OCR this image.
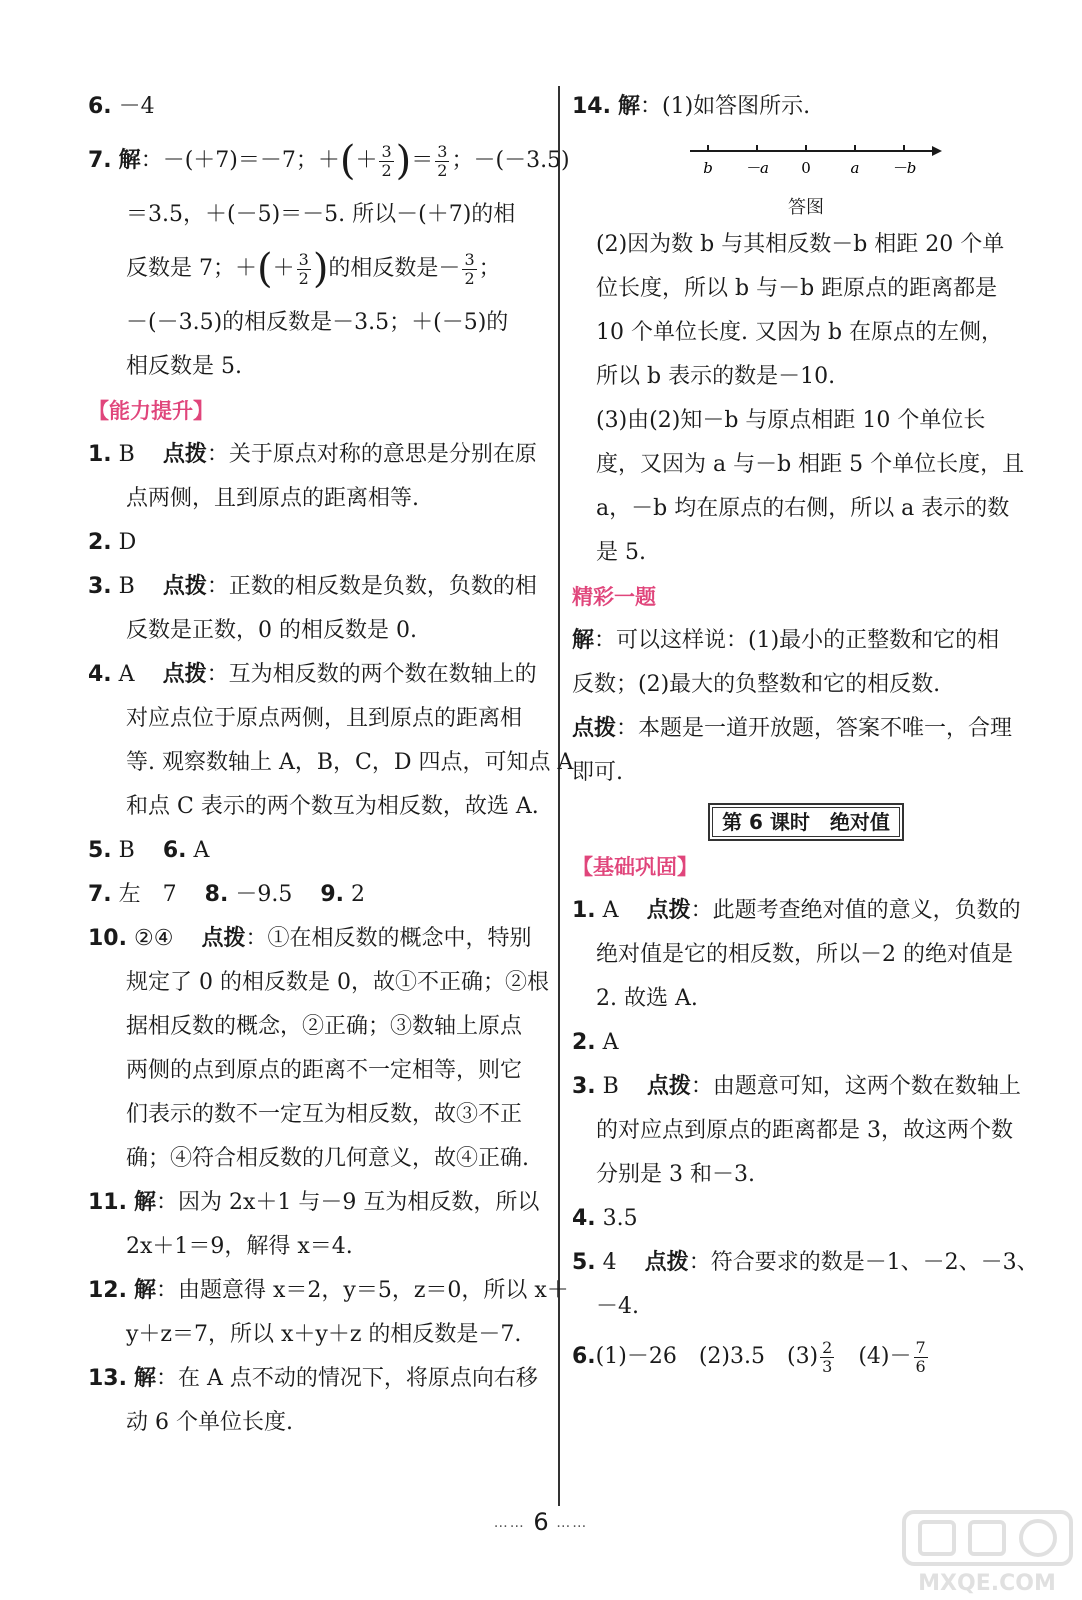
6. －4
7. 解：－(＋7)＝－7；＋(＋ $\frac{3}{2}$ )＝ $\frac{3}{2}$ ；－(－3.5)
＝3.5，＋(－5)＝－5. 所以－(＋7)的相
反数是 7；＋(＋ $\frac{3}{2}$ )的相反数是－ $\frac{3}{2}$ ；
－(－3.5)的相反数是－3.5；＋(－5)的
相反数是 5.
【能力提升】
1. B 点拨：关于原点对称的意思是分别在原
点两侧，且到原点的距离相等.
2. D
3. B 点拨：正数的相反数是负数，负数的相
反数是正数，0 的相反数是 0.
4. A 点拨：互为相反数的两个数在数轴上的
对应点位于原点两侧，且到原点的距离相
等. 观察数轴上 A，B，C，D 四点，可知点 A
和点 C 表示的两个数互为相反数，故选 A.
5. B 6. A
7. 左　7 8. －9.5 9. 2
10. ②④ 点拨：①在相反数的概念中，特别
规定了 0 的相反数是 0，故①不正确；②根
据相反数的概念，②正确；③数轴上原点
两侧的点到原点的距离不一定相等，则它
们表示的数不一定互为相反数，故③不正
确；④符合相反数的几何意义，故④正确.
11. 解：因为 2x＋1 与－9 互为相反数，所以
2x＋1＝9，解得 x＝4.
12. 解：由题意得 x＝2，y＝5，z＝0，所以 x＋
y＋z＝7，所以 x＋y＋z 的相反数是－7.
13. 解：在 A 点不动的情况下，将原点向右移
动 6 个单位长度.
14. 解：(1)如答图所示.
b －a 0	a －b
答图
(2)因为数 b 与其相反数－b 相距 20 个单
位长度，所以 b 与－b 距原点的距离都是
10 个单位长度. 又因为 b 在原点的左侧，
所以 b 表示的数是－10.
(3)由(2)知－b 与原点相距 10 个单位长
度，又因为 a 与－b 相距 5 个单位长度，且
a，－b 均在原点的右侧，所以 a 表示的数
是 5.
精彩一题
解：可以这样说：(1)最小的正整数和它的相
反数；(2)最大的负整数和它的相反数.
点拨：本题是一道开放题，答案不唯一，合理
即可.
第 6 课时　绝对值
【基础巩固】
1. A 点拨：此题考查绝对值的意义，负数的
绝对值是它的相反数，所以－2 的绝对值是
2. 故选 A.
2. A
3. B 点拨：由题意可知，这两个数在数轴上
的对应点到原点的距离都是 3，故这两个数
分别是 3 和－3.
4. 3.5
5. 4 点拨：符合要求的数是－1、－2、－3、
－4.
6.(1)－26　(2)3.5　$(3) \frac{2}{3}$ 　$(4)- \frac{7}{6}$
…… 6 ……
MXQE.COM
